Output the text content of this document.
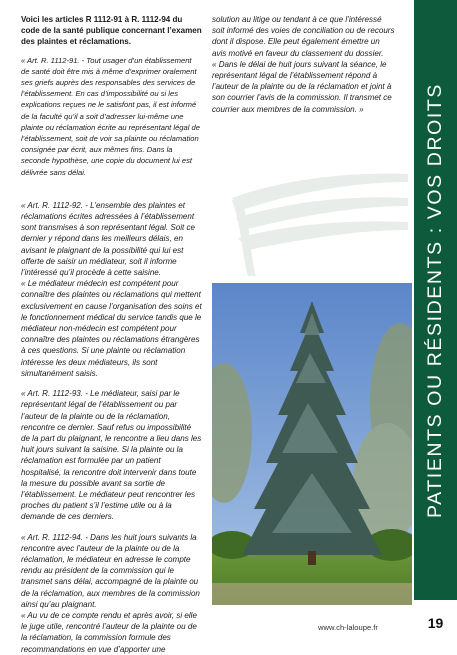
Voici les articles R 1112-91 à R. 1112-94 du code de la santé publique concernant l’examen des plaintes et réclamations.

« Art. R. 1112-91. - Tout usager d’un établissement de santé doit être mis à même d’exprimer oralement ses griefs auprès des responsables des services de l’établissement. En cas d’impossibilité ou si les explications reçues ne le satisfont pas, il est informé de la faculté qu’il a soit d’adresser lui-même une plainte ou réclamation écrite au représentant légal de l’établissement, soit de voir sa plainte ou réclamation consignée par écrit, aux mêmes fins. Dans la seconde hypothèse, une copie du document lui est délivrée sans délai.

« Art. R. 1112-92. - L’ensemble des plaintes et réclamations écrites adressées à l’établissement sont transmises à son représentant légal. Soit ce dernier y répond dans les meilleurs délais, en avisant le plaignant de la possibilité qui lui est offerte de saisir un médiateur, soit il informe l’intéressé qu’il procède à cette saisine.

« Le médiateur médecin est compétent pour connaître des plaintes ou réclamations qui mettent exclusivement en cause l’organisation des soins et le fonctionnement médical du service tandis que le médiateur non-médecin est compétent pour connaître des plaintes ou réclamations étrangères à ces questions. Si une plainte ou réclamation intéresse les deux médiateurs, ils sont simultanément saisis.

« Art. R. 1112-93. - Le médiateur, saisi par le représentant légal de l’établissement ou par l’auteur de la plainte ou de la réclamation, rencontre ce dernier. Sauf refus ou impossibilité de la part du plaignant, le rencontre a lieu dans les huit jours suivant la saisine. Si la plainte ou la réclamation est formulée par un patient hospitalisé, la rencontre doit intervenir dans toute la mesure du possible avant sa sortie de l’établissement. Le médiateur peut rencontrer les proches du patient s’il l’estime utile ou à la demande de ces derniers.

« Art. R. 1112-94. - Dans les huit jours suivants la rencontre avec l’auteur de la plainte ou de la réclamation, le médiateur en adresse le compte rendu au président de la commission qui le transmet sans délai, accompagné de la plainte ou de la réclamation, aux membres de la commission ainsi qu’au plaignant.

« Au vu de ce compte rendu et après avoir, si elle le juge utile, rencontré l’auteur de la plainte ou de la réclamation, la commission formule des recommandations en vue d’apporter une

solution au litige ou tendant à ce que l’intéressé soit informé des voies de conciliation ou de recours dont il dispose. Elle peut également émettre un avis motivé en faveur du classement du dossier.

« Dans le délai de huit jours suivant la séance, le représentant légal de l’établissement répond à l’auteur de la plainte ou de la réclamation et joint à son courrier l’avis de la commission. Il transmet ce courrier aux membres de la commission. »	PATIENTS OU RÉSIDENTS : VOS DROITS
www.ch-laloupe.fr	19
